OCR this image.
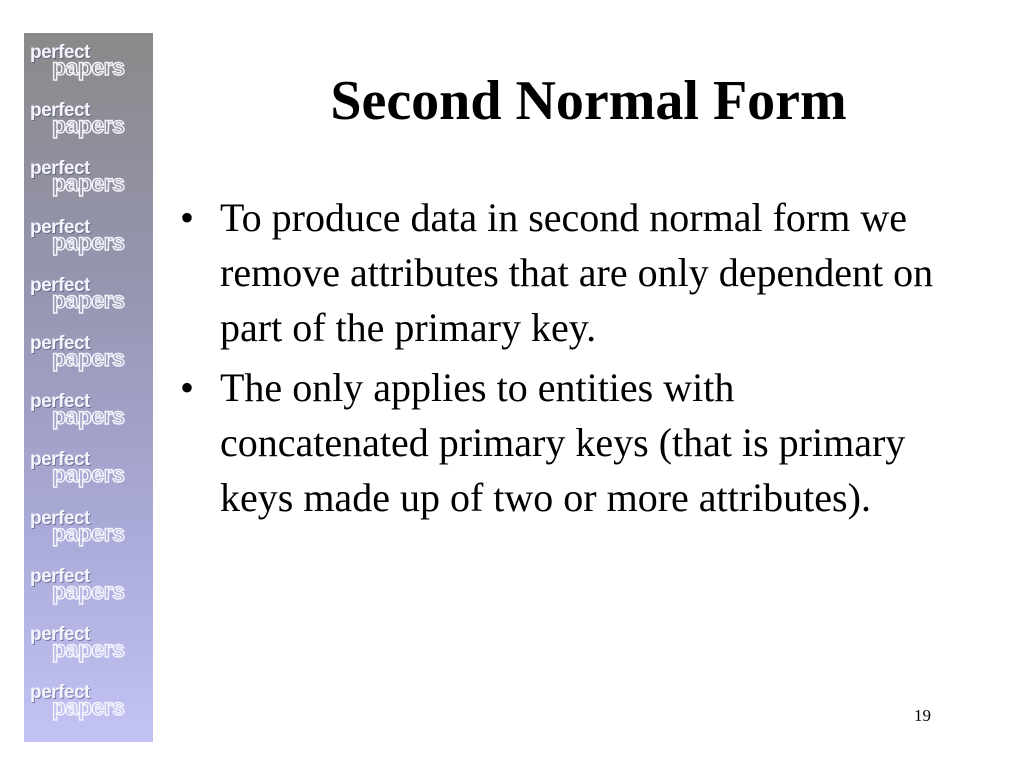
perfect
papers
perfect
papers
perfect
papers
perfect
papers
perfect
papers
perfect
papers
perfect
papers
perfect
papers
perfect
papers
perfect
papers
perfect
papers
perfect
papers
Second Normal Form
• To produce data in second normal form we remove attributes that are only dependent on part of the primary key.
• The only applies to entities with concatenated primary keys (that is primary keys made up of two or more attributes).
19
